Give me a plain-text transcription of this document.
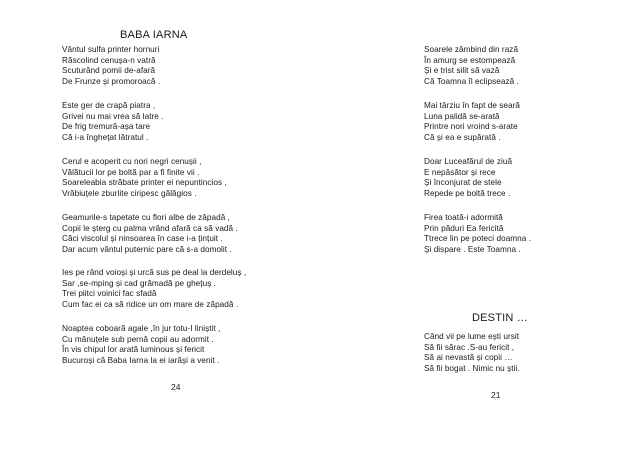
BABA IARNA
Vântul sulfa printer hornuri
Răscolind cenușa-n vatră
Scuturând pomii de-afară
De Frunze și promoroacă .
Este ger de crapă piatra ,
Grivei nu mai vrea să latre .
De frig tremură-așa tare
Că i-a înghețat lătratul .
Cerul e acoperit cu nori negri cenușii ,
Vălătucii lor pe boltă par a fi finite vii .
Soareleabia străbate printer ei nepuntincios ,
Vrăbiuțele zburlite ciripesc gălăgios .
Geamurile-s tapetate cu flori albe de zăpadă ,
Copii le șterg cu palma vrând afară ca să vadă .
Căci viscolul și ninsoarea în case i-a țințuit .
Dar acum vântul puternic pare că s-a domolit .
Ies pe rând voioși și urcă sus pe deal la derdeluș ,
Sar ,se-mping și cad grămadă pe ghețuș .
Trei piitci voinici fac sfadă
Cum fac ei ca să ridice un om mare de zăpadă .
Noaptea coboară agale ,în jur totu-I liniștit ,
Cu mânuțele sub pernă copii au adormit .
În vis chipul lor arată luminous și fericit
Bucuroși că Baba Iarna la ei iarăși a venit .
24
Soarele zâmbind din rază
În amurg se estompează
Și e trist silit să vază
Că Toamna îl eclipsează .
Mai târziu în fapt de seară
Luna palidă se-arată
Printre nori vroind s-arate
Că și ea e supărată .
Doar Luceafărul de ziuă
E nepăsător și rece
Și înconjurat de stele
Repede pe boltă trece .
Firea toată-i adormită
Prin păduri Ea fericită
Ttrece lin pe poteci doamna .
Și dispare . Este Toamna .
DESTIN …
Când vii pe lume ești ursit
Să fii sărac .S-au fericit ,
Să ai nevastă și copii …
Să fii bogat . Nimic nu știi.
21
